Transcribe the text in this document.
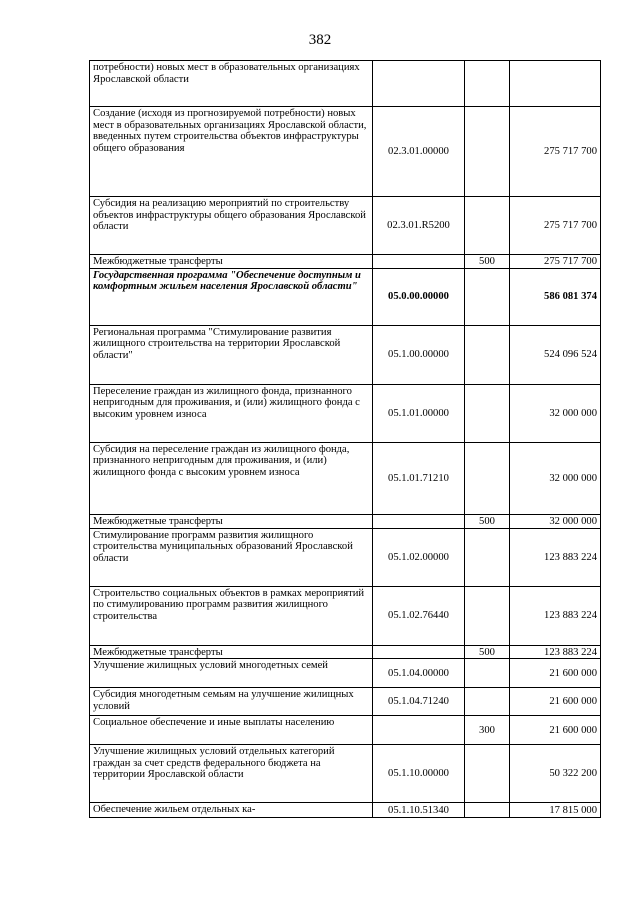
382
потребности) новых мест в образовательных организациях Ярославской области			
Создание (исходя из прогнозируемой потребности) новых мест в образовательных организациях Ярославской области, введенных путем строительства объектов инфраструктуры общего образования	02.3.01.00000		275 717 700
Субсидия на реализацию мероприятий по строительству объектов инфраструктуры общего образования Ярославской области	02.3.01.R5200		275 717 700
Межбюджетные трансферты		500	275 717 700
Государственная программа "Обеспечение доступным и комфортным жильем населения Ярославской области"	05.0.00.00000		586 081 374
Региональная программа "Стимулирование развития жилищного строительства на территории Ярославской области"	05.1.00.00000		524 096 524
Переселение граждан из жилищного фонда, признанного непригодным для проживания, и (или) жилищного фонда с высоким уровнем износа	05.1.01.00000		32 000 000
Субсидия на переселение граждан из жилищного фонда, признанного непригодным для проживания, и (или) жилищного фонда с высоким уровнем износа	05.1.01.71210		32 000 000
Межбюджетные трансферты		500	32 000 000
Стимулирование программ развития жилищного строительства муниципальных образований Ярославской области	05.1.02.00000		123 883 224
Строительство социальных объектов в рамках мероприятий по стимулированию программ развития жилищного строительства	05.1.02.76440		123 883 224
Межбюджетные трансферты		500	123 883 224
Улучшение жилищных условий многодетных семей	05.1.04.00000		21 600 000
Субсидия многодетным семьям на улучшение жилищных условий	05.1.04.71240		21 600 000
Социальное обеспечение и иные выплаты населению		300	21 600 000
Улучшение жилищных условий отдельных категорий граждан за счет средств федерального бюджета на территории Ярославской области	05.1.10.00000		50 322 200
Обеспечение жильем отдельных ка-	05.1.10.51340		17 815 000
